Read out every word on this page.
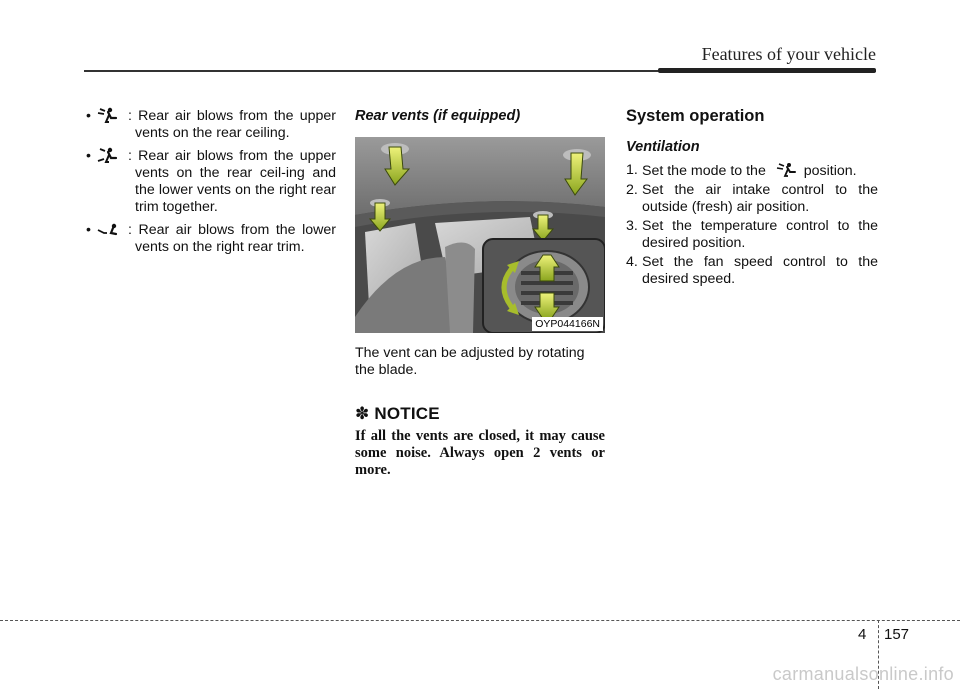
Features of your vehicle
•	: Rear air blows from the upper vents on the rear ceiling.
•	: Rear air blows from the upper vents on the rear ceil-ing and the lower vents on the right rear trim together.
•	: Rear air blows from the lower vents on the right rear trim.
Rear vents (if equipped)
OYP044166N

The vent can be adjusted by rotating the blade.

✽ NOTICE

If all the vents are closed, it may cause some noise. Always open 2 vents or more.

System operation
Ventilation
1. Set the mode to the	position.
2. Set the air intake control to the outside (fresh) air position.
3. Set the temperature control to the desired position.
4. Set the fan speed control to the desired speed.
4 157
carmanualsonline.info
